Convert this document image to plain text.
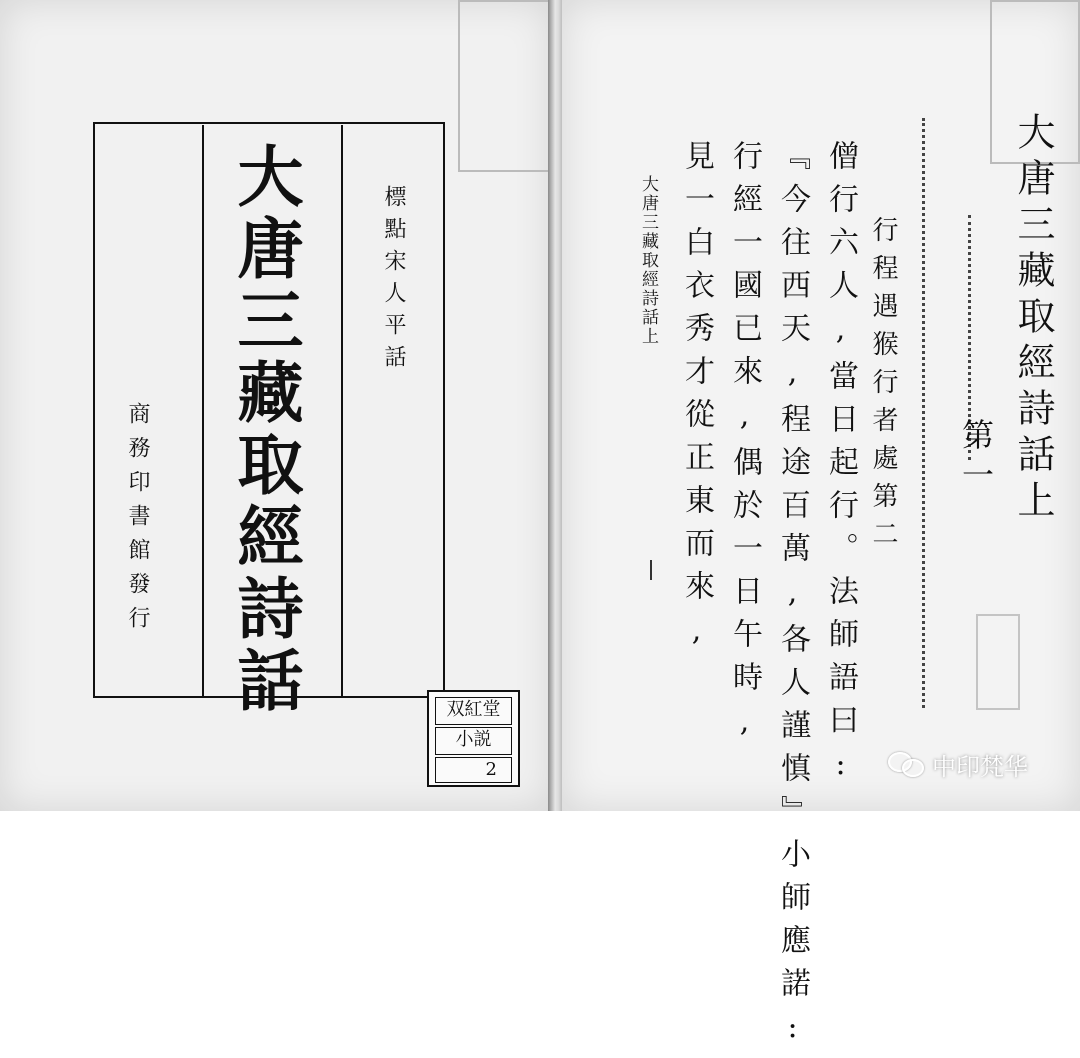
大唐三藏取經詩話	標點宋人平話
商務印書館發行
双紅堂
小説
2
大唐三藏取經詩話上
第一
行程遇猴行者處第二
僧行六人,當日起行。法師語曰:
『今往西天,程途百萬,各人謹慎』小師應諾:
行經一國已來,偶於一日午時,
見一白衣秀才從正東而來,
大唐三藏取經詩話上
中印梵华
